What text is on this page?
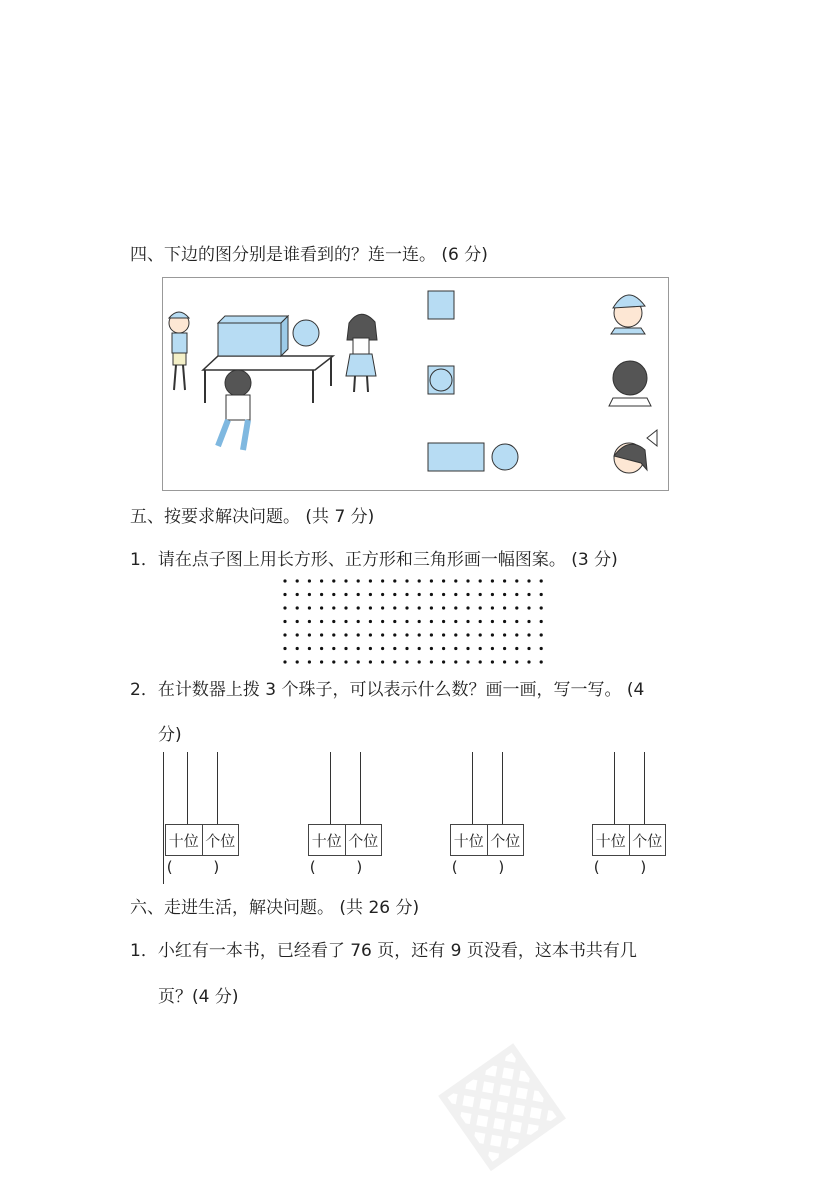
▩
四、下边的图分别是谁看到的？连一连。 (6 分)
五、按要求解决问题。 (共 7 分)
1．请在点子图上用长方形、正方形和三角形画一幅图案。 (3 分)
2．在计数器上拨 3 个珠子，可以表示什么数？画一画，写一写。 (4
分)
十位 个位
( )
十位 个位
( )
十位 个位
( )
十位 个位
( )
六、走进生活，解决问题。 (共 26 分)
1．小红有一本书，已经看了 76 页，还有 9 页没看，这本书共有几
页？(4 分)
